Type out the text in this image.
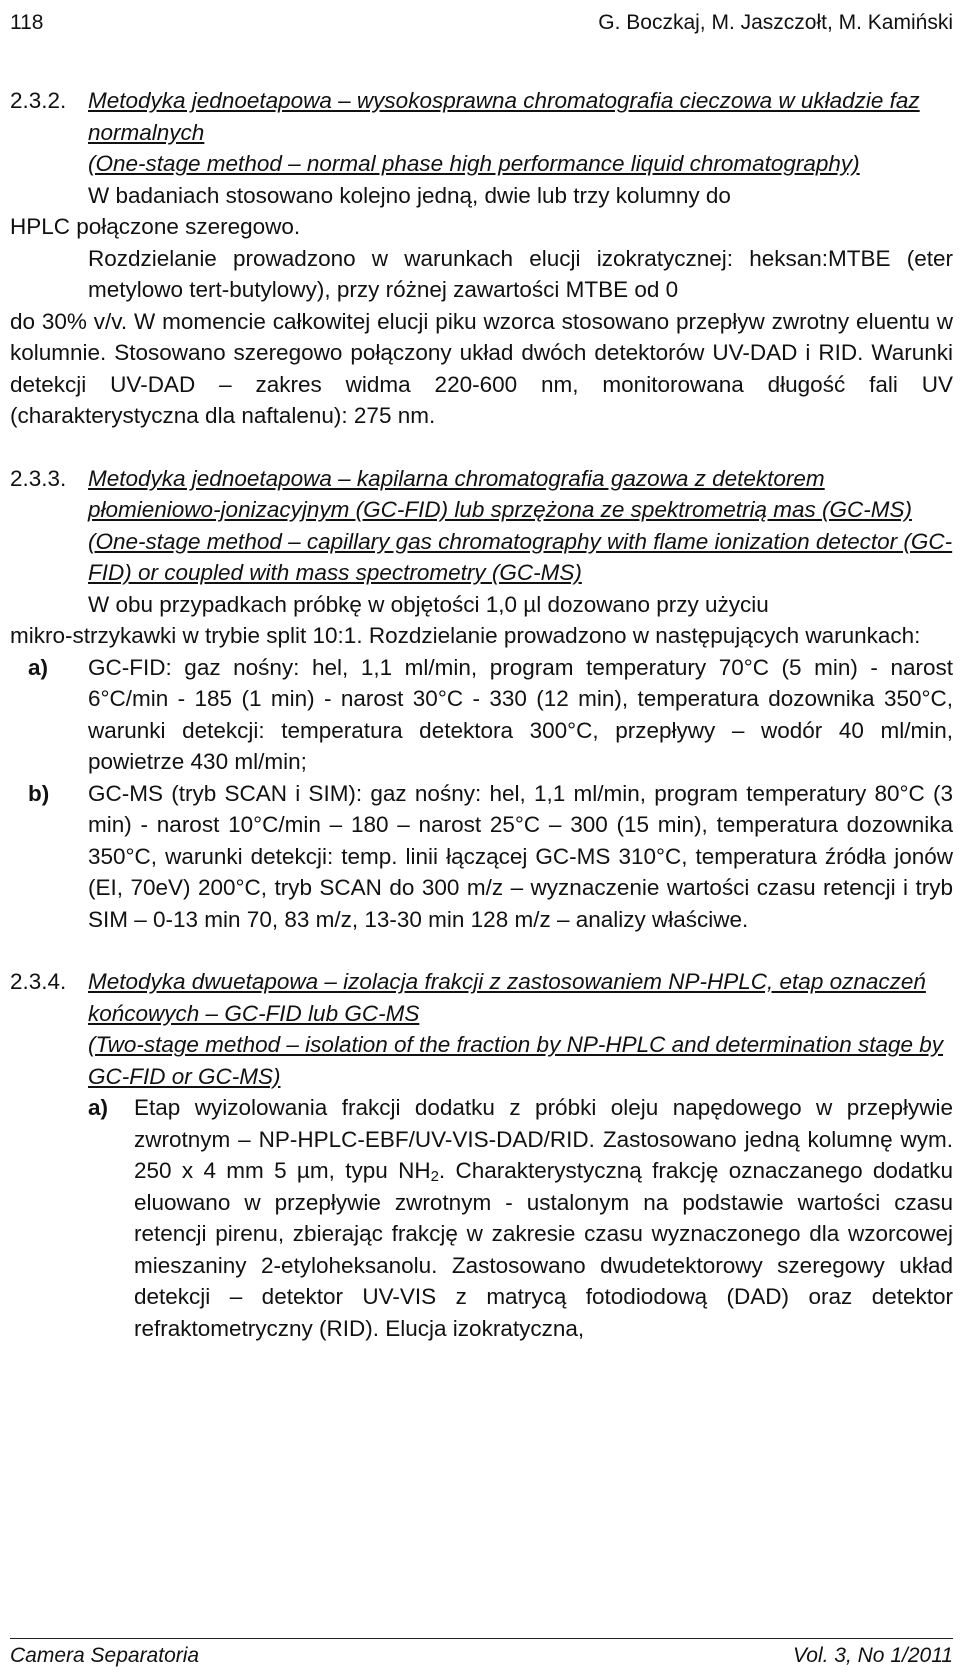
118	G. Boczkaj, M. Jaszczołt, M. Kamiński
2.3.2. Metodyka jednoetapowa – wysokosprawna chromatografia cieczowa w układzie faz normalnych
(One-stage method – normal phase high performance liquid chromatography)

W badaniach stosowano kolejno jedną, dwie lub trzy kolumny do

HPLC połączone szeregowo.

Rozdzielanie prowadzono w warunkach elucji izokratycznej: heksan:MTBE (eter metylowo tert-butylowy), przy różnej zawartości MTBE od 0

do 30% v/v. W momencie całkowitej elucji piku wzorca stosowano przepływ zwrotny eluentu w kolumnie. Stosowano szeregowo połączony układ dwóch detektorów UV-DAD i RID. Warunki detekcji UV-DAD – zakres widma 220-600 nm, monitorowana długość fali UV (charakterystyczna dla naftalenu): 275 nm.

2.3.3. Metodyka jednoetapowa – kapilarna chromatografia gazowa z detektorem płomieniowo-jonizacyjnym (GC-FID) lub sprzężona ze spektrometrią mas (GC-MS)
(One-stage method – capillary gas chromatography with flame ionization detector (GC-FID) or coupled with mass spectrometry (GC-MS)

W obu przypadkach próbkę w objętości 1,0 µl dozowano przy użyciu

mikro-strzykawki w trybie split 10:1. Rozdzielanie prowadzono w następujących warunkach:

a) GC-FID: gaz nośny: hel, 1,1 ml/min, program temperatury 70°C (5 min) - narost 6°C/min - 185 (1 min) - narost 30°C - 330 (12 min), temperatura dozownika 350°C, warunki detekcji: temperatura detektora 300°C, przepływy – wodór 40 ml/min, powietrze 430 ml/min;

b) GC-MS (tryb SCAN i SIM): gaz nośny: hel, 1,1 ml/min, program temperatury 80°C (3 min) - narost 10°C/min – 180 – narost 25°C – 300 (15 min), temperatura dozownika 350°C, warunki detekcji: temp. linii łączącej GC-MS 310°C, temperatura źródła jonów (EI, 70eV) 200°C, tryb SCAN do 300 m/z – wyznaczenie wartości czasu retencji i tryb SIM – 0-13 min 70, 83 m/z, 13-30 min 128 m/z – analizy właściwe.

2.3.4. Metodyka dwuetapowa – izolacja frakcji z zastosowaniem NP-HPLC, etap oznaczeń końcowych – GC-FID lub GC-MS
(Two-stage method – isolation of the fraction by NP-HPLC and determination stage by GC-FID or GC-MS)

a) Etap wyizolowania frakcji dodatku z próbki oleju napędowego w przepływie zwrotnym – NP-HPLC-EBF/UV-VIS-DAD/RID. Zastosowano jedną kolumnę wym. 250 x 4 mm 5 µm, typu $NH_2$. Charakterystyczną frakcję oznaczanego dodatku eluowano w przepływie zwrotnym - ustalonym na podstawie wartości czasu retencji pirenu, zbierając frakcję w zakresie czasu wyznaczonego dla wzorcowej mieszaniny 2-etyloheksanolu. Zastosowano dwudetektorowy szeregowy układ detekcji – detektor UV-VIS z matrycą fotodiodową (DAD) oraz detektor refraktometryczny (RID). Elucja izokratyczna,

Camera Separatoria	Vol. 3, No 1/2011
